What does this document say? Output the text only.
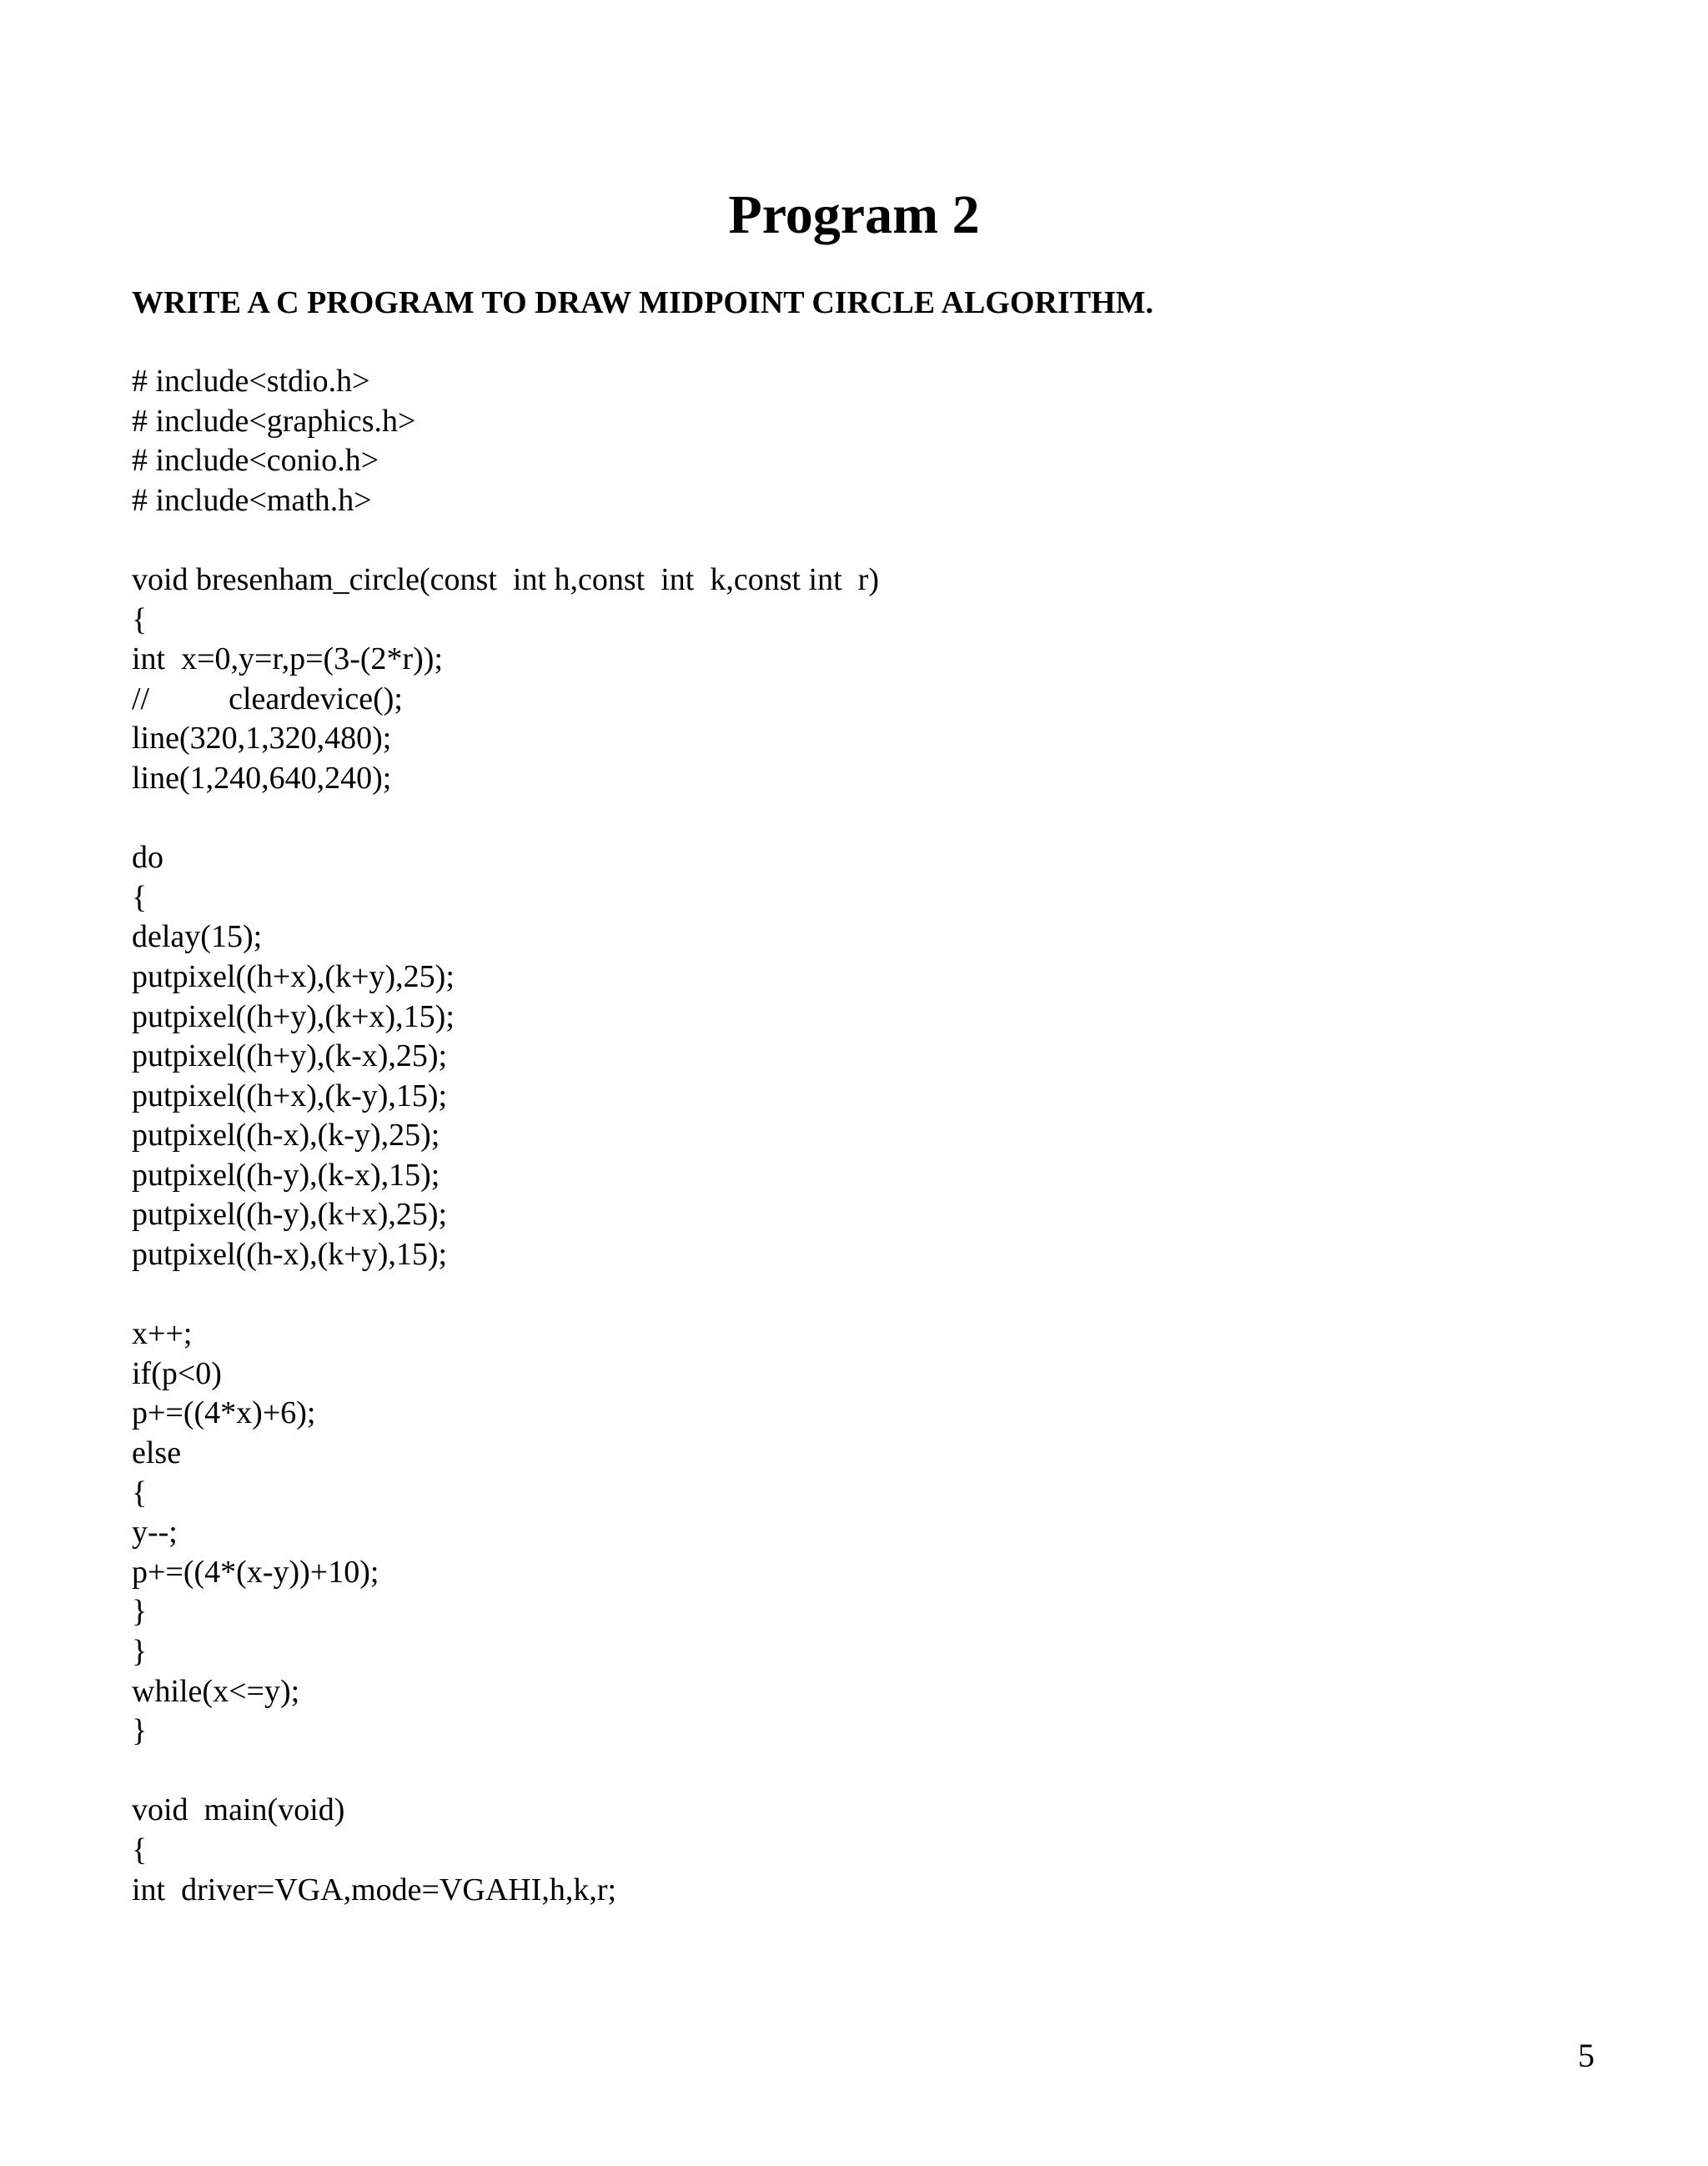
Program 2
WRITE A C PROGRAM TO DRAW MIDPOINT CIRCLE ALGORITHM.
# include<stdio.h>
# include<graphics.h>
# include<conio.h>
# include<math.h>
void bresenham_circle(const  int h,const  int  k,const int  r)
{
int  x=0,y=r,p=(3-(2*r));
//          cleardevice();
line(320,1,320,480);
line(1,240,640,240);
do
{
delay(15);
putpixel((h+x),(k+y),25);
putpixel((h+y),(k+x),15);
putpixel((h+y),(k-x),25);
putpixel((h+x),(k-y),15);
putpixel((h-x),(k-y),25);
putpixel((h-y),(k-x),15);
putpixel((h-y),(k+x),25);
putpixel((h-x),(k+y),15);
x++;
if(p<0)
p+=((4*x)+6);
else
{
y--;
p+=((4*(x-y))+10);
}
}
while(x<=y);
}
void  main(void)
{
int  driver=VGA,mode=VGAHI,h,k,r;
5
